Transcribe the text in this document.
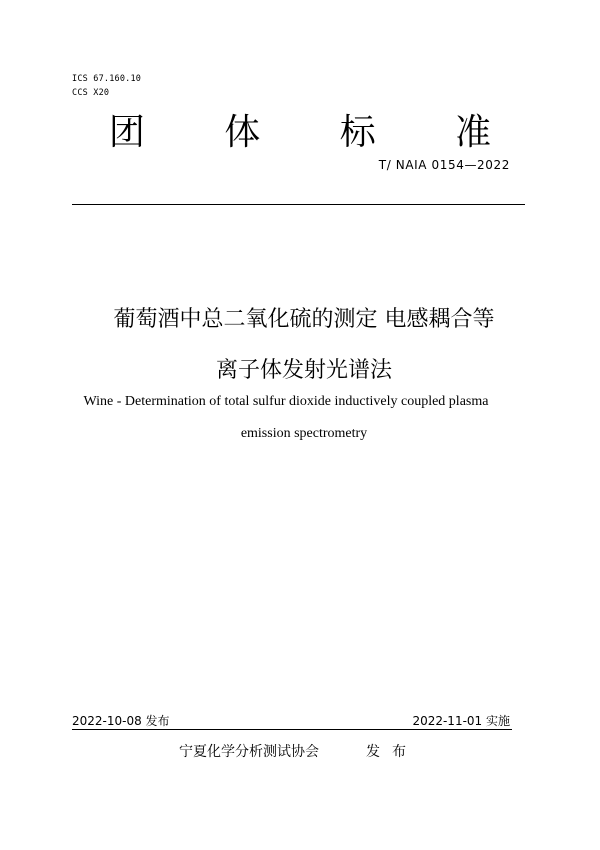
ICS 67.160.10
CCS X20
团 体 标 准
T/ NAIA 0154—2022
葡萄酒中总二氧化硫的测定 电感耦合等
离子体发射光谱法
Wine - Determination of total sulfur dioxide inductively coupled plasma
emission spectrometry
2022-10-08 发布	2022-11-01 实施
宁夏化学分析测试协会	发布
